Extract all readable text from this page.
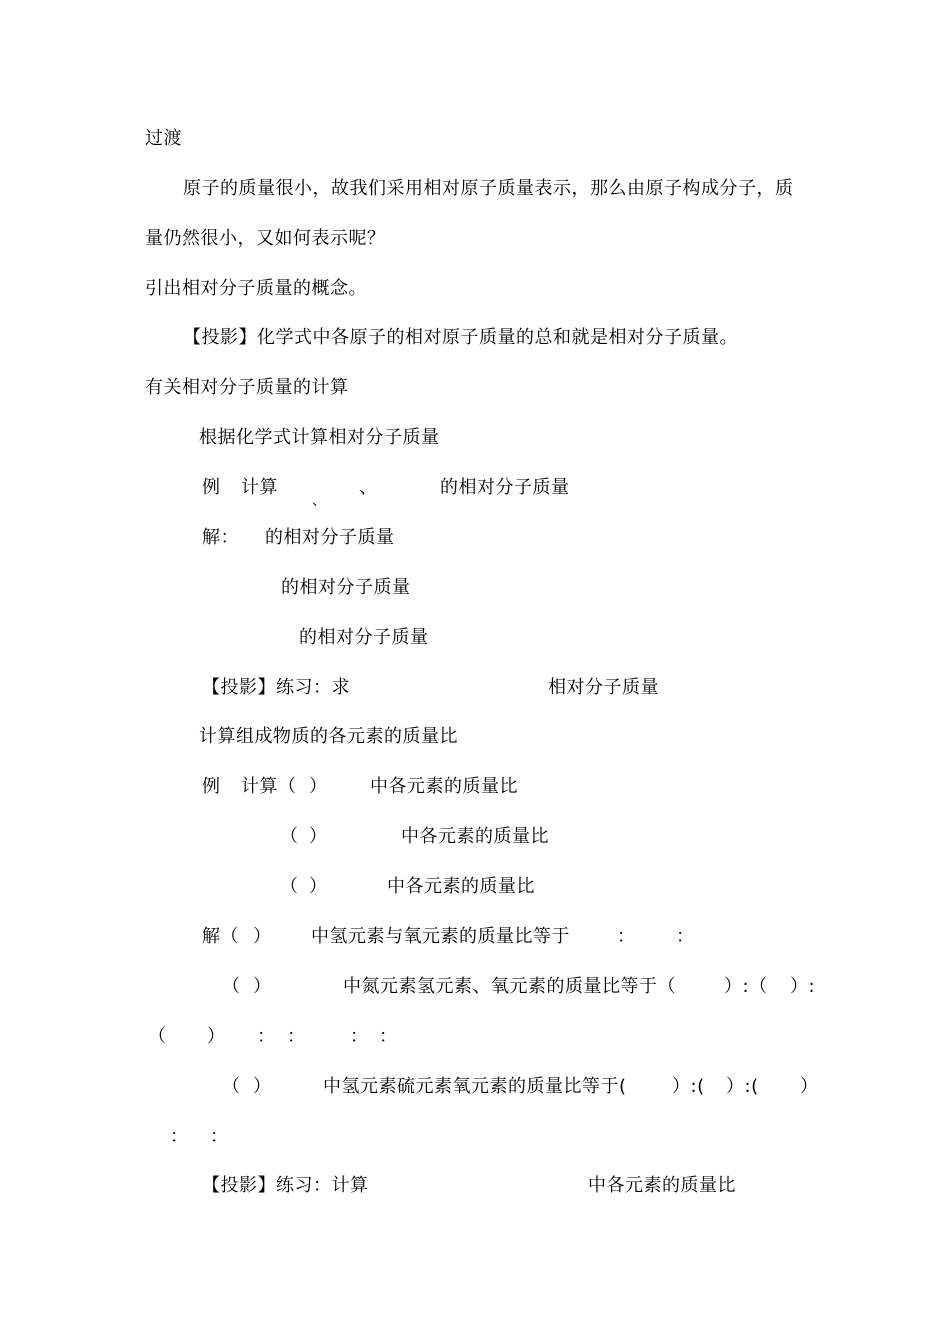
过渡
原子的质量很小，故我们采用相对原子质量表示，那么由原子构成分子，质
量仍然很小，又如何表示呢？
引出相对分子质量的概念。
【投影】化学式中各原子的相对原子质量的总和就是相对分子质量。
有关相对分子质量的计算
根据化学式计算相对分子质量
例 计算
、
、	的相对分子质量
解： 的相对分子质量
的相对分子质量
的相对分子质量
【投影】练习：求	相对分子质量
计算组成物质的各元素的质量比
例 计算（ ） 中各元素的质量比
（ ）	中各元素的质量比
（ ）	中各元素的质量比
解（ ） 中氢元素与氧元素的质量比等于	： ：
（ ）	中氮元素氢元素、氧元素的质量比等于（	）:（ ）:
（ ） ： ： ： ：
（ ）	中氢元素硫元素氧元素的质量比等于(	）:( ）:( ）
： ：
【投影】练习：计算	中各元素的质量比
